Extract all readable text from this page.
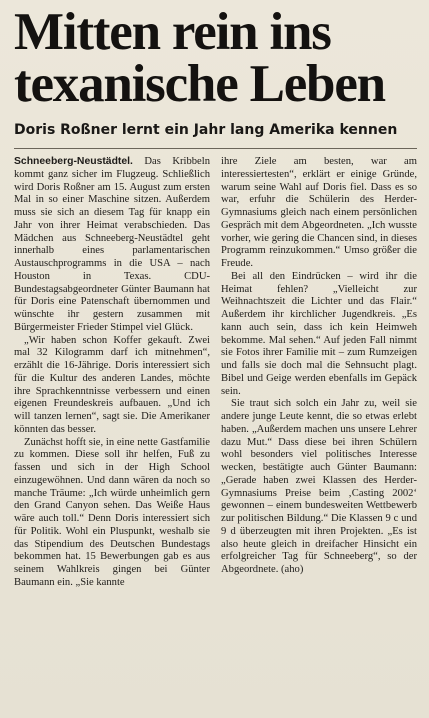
Mitten rein ins
texanische Leben
Doris Roßner lernt ein Jahr lang Amerika kennen

Schneeberg-Neustädtel. Das Kribbeln kommt ganz sicher im Flugzeug. Schließlich wird Doris Roßner am 15. August zum ersten Mal in so einer Maschine sitzen. Außerdem muss sie sich an diesem Tag für knapp ein Jahr von ihrer Heimat verabschieden. Das Mädchen aus Schneeberg-Neustädtel geht innerhalb eines parlamentarischen Austauschprogramms in die USA – nach Houston in Texas. CDU-Bundestagsabgeordneter Günter Baumann hat für Doris eine Patenschaft übernommen und wünschte ihr gestern zusammen mit Bürgermeister Frieder Stimpel viel Glück.

„Wir haben schon Koffer gekauft. Zwei mal 32 Kilogramm darf ich mitnehmen“, erzählt die 16-Jährige. Doris interessiert sich für die Kultur des anderen Landes, möchte ihre Sprachkenntnisse verbessern und einen eigenen Freundeskreis aufbauen. „Und ich will tanzen lernen“, sagt sie. Die Amerikaner könnten das besser.

Zunächst hofft sie, in eine nette Gastfamilie zu kommen. Diese soll ihr helfen, Fuß zu fassen und sich in der High School einzugewöhnen. Und dann wären da noch so manche Träume: „Ich würde unheimlich gern den Grand Canyon sehen. Das Weiße Haus wäre auch toll.“ Denn Doris interessiert sich für Politik. Wohl ein Pluspunkt, weshalb sie das Stipendium des Deutschen Bundestags bekommen hat. 15 Bewerbungen gab es aus seinem Wahlkreis gingen bei Günter Baumann ein. „Sie kannte

ihre Ziele am besten, war am interessiertesten“, erklärt er einige Gründe, warum seine Wahl auf Doris fiel. Dass es so war, erfuhr die Schülerin des Herder-Gymnasiums gleich nach einem persönlichen Gespräch mit dem Abgeordneten. „Ich wusste vorher, wie gering die Chancen sind, in dieses Programm reinzukommen.“ Umso größer die Freude.

Bei all den Eindrücken – wird ihr die Heimat fehlen? „Vielleicht zur Weihnachtszeit die Lichter und das Flair.“ Außerdem ihr kirchlicher Jugendkreis. „Es kann auch sein, dass ich kein Heimweh bekomme. Mal sehen.“ Auf jeden Fall nimmt sie Fotos ihrer Familie mit – zum Rumzeigen und falls sie doch mal die Sehnsucht plagt. Bibel und Geige werden ebenfalls im Gepäck sein.

Sie traut sich solch ein Jahr zu, weil sie andere junge Leute kennt, die so etwas erlebt haben. „Außerdem machen uns unsere Lehrer dazu Mut.“ Dass diese bei ihren Schülern wohl besonders viel politisches Interesse wecken, bestätigte auch Günter Baumann: „Gerade haben zwei Klassen des Herder-Gymnasiums Preise beim ‚Casting 2002‘ gewonnen – einem bundesweiten Wettbewerb zur politischen Bildung.“ Die Klassen 9 c und 9 d überzeugten mit ihren Projekten. „Es ist also heute gleich in dreifacher Hinsicht ein erfolgreicher Tag für Schneeberg“, so der Abgeordnete. (aho)
